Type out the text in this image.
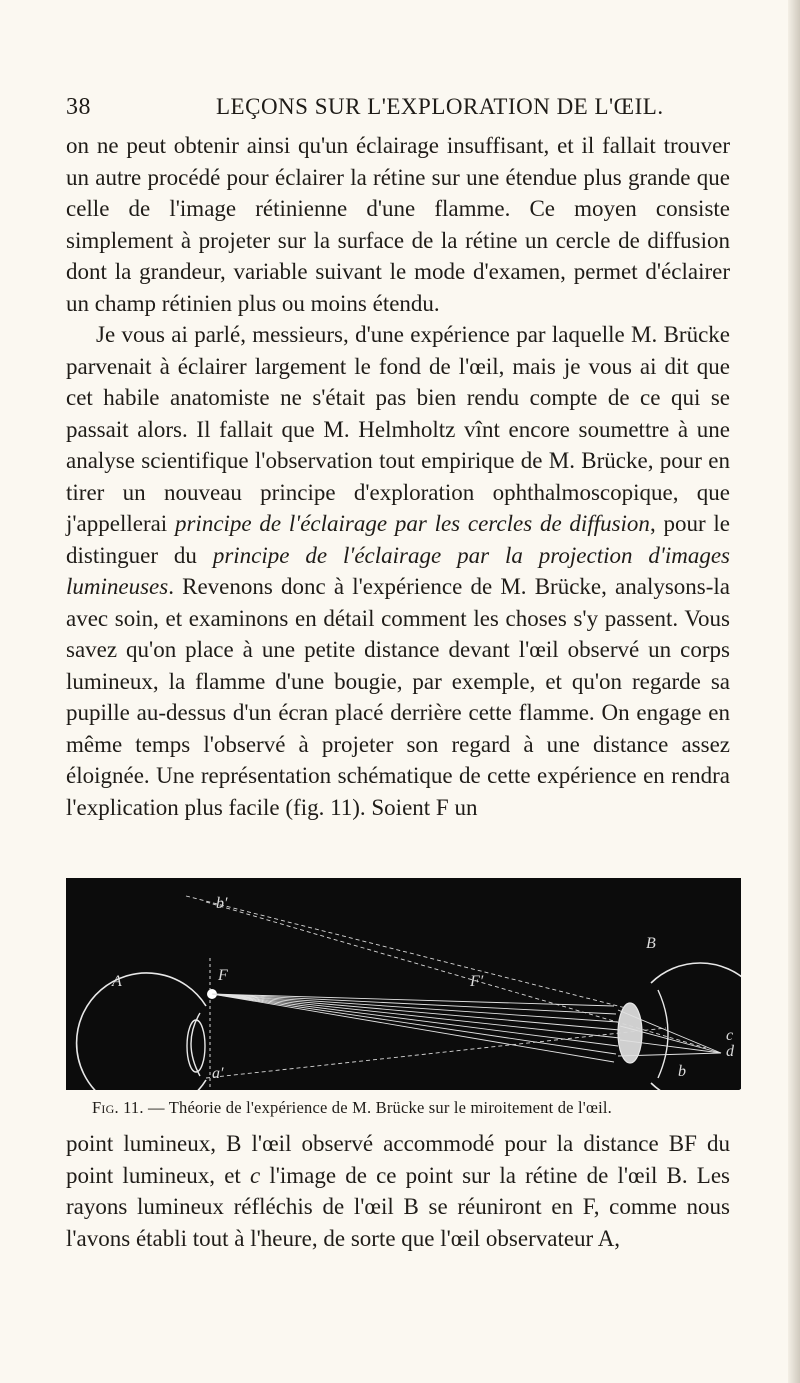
38	LEÇONS SUR L'EXPLORATION DE L'ŒIL.

on ne peut obtenir ainsi qu'un éclairage insuffisant, et il fallait trouver un autre procédé pour éclairer la rétine sur une étendue plus grande que celle de l'image rétinienne d'une flamme. Ce moyen consiste simplement à projeter sur la surface de la rétine un cercle de diffusion dont la grandeur, variable suivant le mode d'examen, permet d'éclairer un champ rétinien plus ou moins étendu.

Je vous ai parlé, messieurs, d'une expérience par laquelle M. Brücke parvenait à éclairer largement le fond de l'œil, mais je vous ai dit que cet habile anatomiste ne s'était pas bien rendu compte de ce qui se passait alors. Il fallait que M. Helmholtz vînt encore soumettre à une analyse scientifique l'observation tout empirique de M. Brücke, pour en tirer un nouveau principe d'exploration ophthalmoscopique, que j'appellerai principe de l'éclairage par les cercles de diffusion, pour le distinguer du principe de l'éclairage par la projection d'images lumineuses. Revenons donc à l'expérience de M. Brücke, analysons-la avec soin, et examinons en détail comment les choses s'y passent. Vous savez qu'on place à une petite distance devant l'œil observé un corps lumineux, la flamme d'une bougie, par exemple, et qu'on regarde sa pupille au-dessus d'un écran placé derrière cette flamme. On engage en même temps l'observé à projeter son regard à une distance assez éloignée. Une représentation schématique de cette expérience en rendra l'explication plus facile (fig. 11). Soient F un

b′
A	F	F′
B
a′
c
d
b
Fig. 11. — Théorie de l'expérience de M. Brücke sur le miroitement de l'œil.

point lumineux, B l'œil observé accommodé pour la distance BF du point lumineux, et c l'image de ce point sur la rétine de l'œil B. Les rayons lumineux réfléchis de l'œil B se réuniront en F, comme nous l'avons établi tout à l'heure, de sorte que l'œil observateur A,
